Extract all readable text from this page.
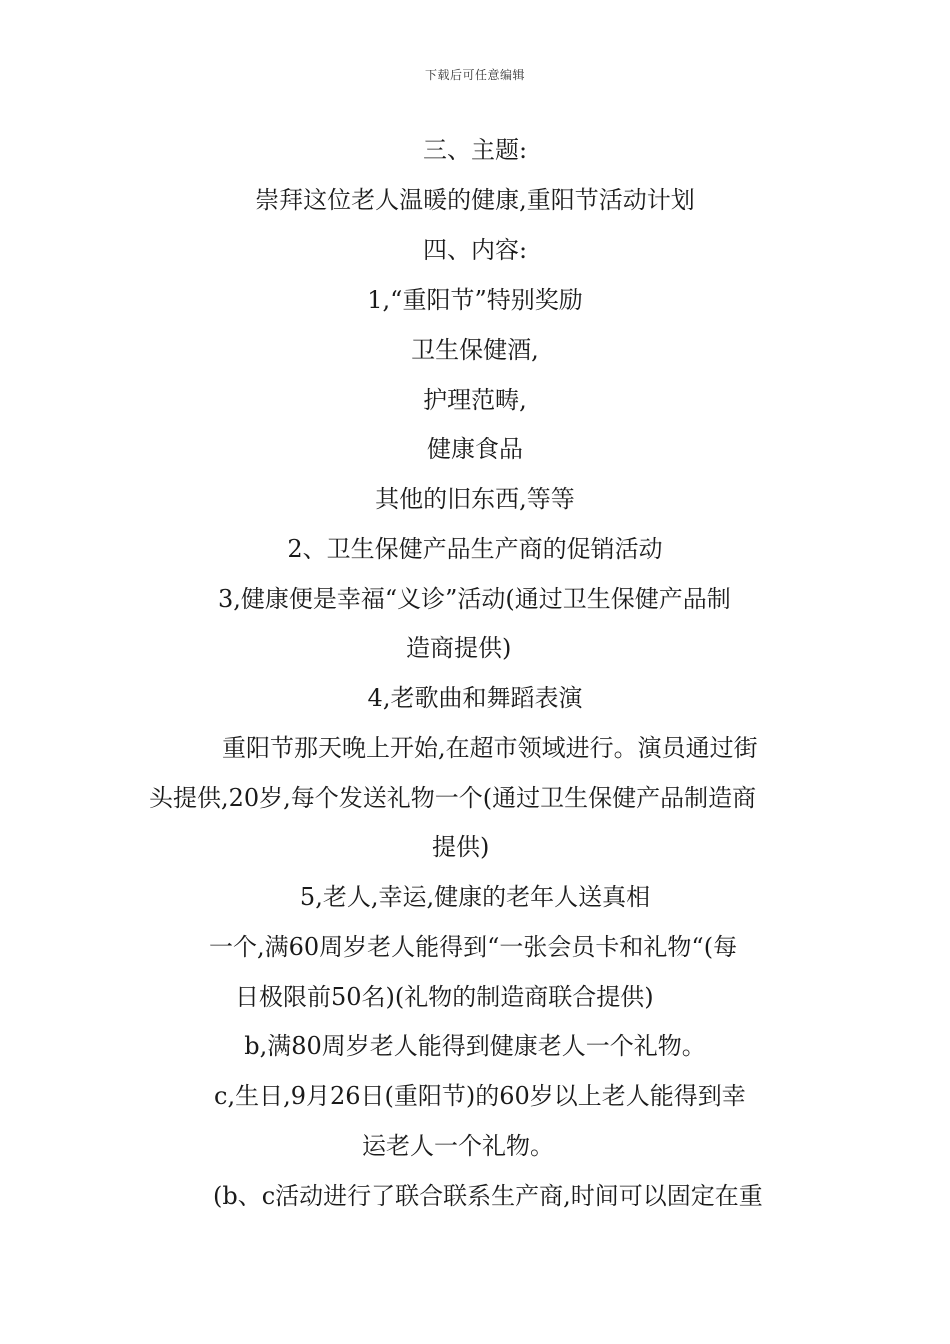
下载后可任意编辑
三、主题:
崇拜这位老人温暖的健康,重阳节活动计划
四、内容:
1,“重阳节”特别奖励
卫生保健酒,
护理范畴,
健康食品
其他的旧东西,等等
2、卫生保健产品生产商的促销活动
3,健康便是幸福“义诊”活动(通过卫生保健产品制
造商提供)
4,老歌曲和舞蹈表演
重阳节那天晚上开始,在超市领域进行。演员通过街
头提供,20岁,每个发送礼物一个(通过卫生保健产品制造商
提供)
5,老人,幸运,健康的老年人送真相
一个,满60周岁老人能得到“一张会员卡和礼物“(每
日极限前50名)(礼物的制造商联合提供)
b,满80周岁老人能得到健康老人一个礼物。
c,生日,9月26日(重阳节)的60岁以上老人能得到幸
运老人一个礼物。
(b、c活动进行了联合联系生产商,时间可以固定在重
